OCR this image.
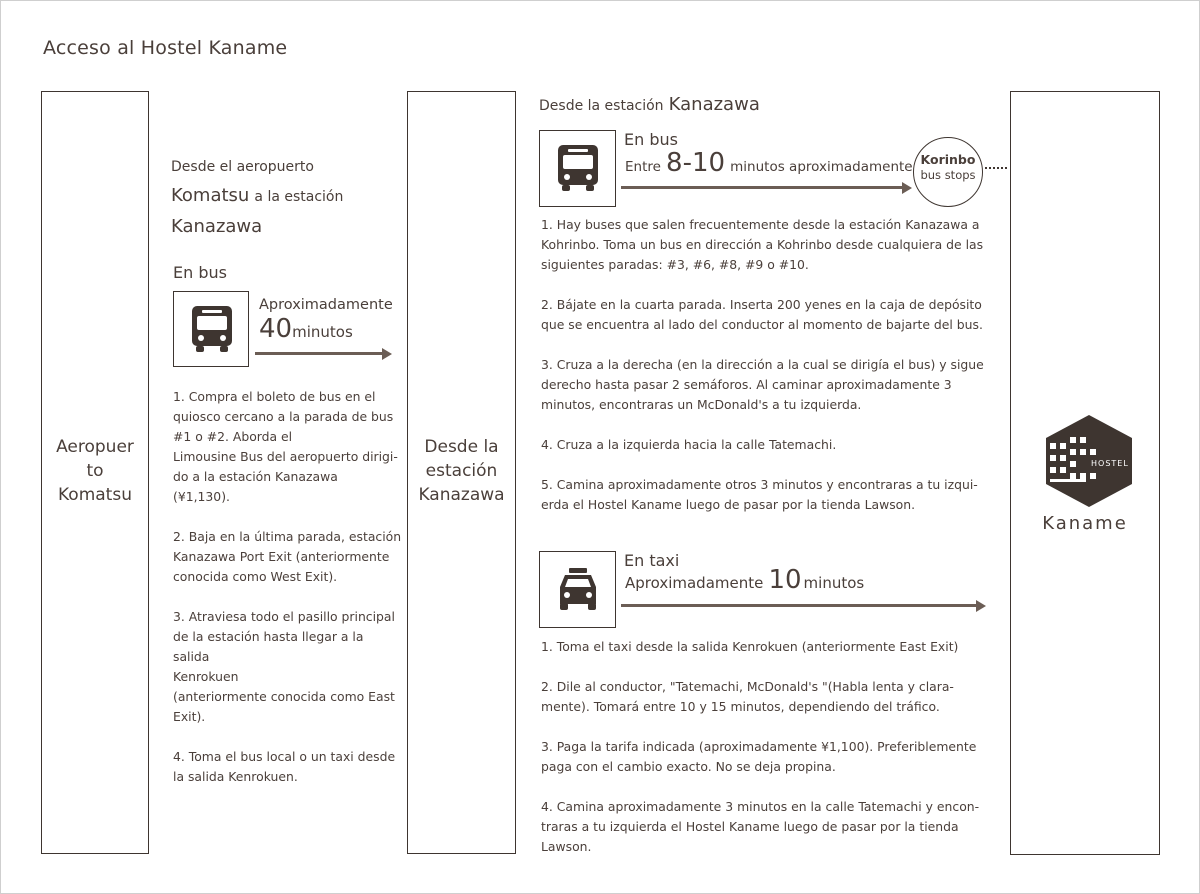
Acceso al Hostel Kaname
Aeropuer
to
Komatsu
Desde el aeropuerto
Komatsu a la estación
Kanazawa
En bus
Aproximadamente
40minutos

1. Compra el boleto de bus en el
quiosco cercano a la parada de bus
#1 o #2. Aborda el
Limousine Bus del aeropuerto dirigi-
do a la estación Kanazawa
(¥1,130).

2. Baja en la última parada, estación
Kanazawa Port Exit (anteriormente
conocida como West Exit).

3. Atraviesa todo el pasillo principal
de la estación hasta llegar a la salida
Kenrokuen
(anteriormente conocida como East
Exit).

4. Toma el bus local o un taxi desde
la salida Kenrokuen.

Desde la
estación
Kanazawa
Desde la estación Kanazawa
En bus
Entre 8-10 minutos aproximadamente Korinbo
bus stops

1. Hay buses que salen frecuentemente desde la estación Kanazawa a
Kohrinbo. Toma un bus en dirección a Kohrinbo desde cualquiera de las
siguientes paradas: #3, #6, #8, #9 o #10.

2. Bájate en la cuarta parada. Inserta 200 yenes en la caja de depósito
que se encuentra al lado del conductor al momento de bajarte del bus.

3. Cruza a la derecha (en la dirección a la cual se dirigía el bus) y sigue
derecho hasta pasar 2 semáforos. Al caminar aproximadamente 3
minutos, encontraras un McDonald's a tu izquierda.

4. Cruza a la izquierda hacia la calle Tatemachi.

5. Camina aproximadamente otros 3 minutos y encontraras a tu izqui-
erda el Hostel Kaname luego de pasar por la tienda Lawson.

En taxi
Aproximadamente 10 minutos

1. Toma el taxi desde la salida Kenrokuen (anteriormente East Exit)

2. Dile al conductor, "Tatemachi, McDonald's "(Habla lenta y clara-
mente). Tomará entre 10 y 15 minutos, dependiendo del tráfico.

3. Paga la tarifa indicada (aproximadamente ¥1,100). Preferiblemente
paga con el cambio exacto. No se deja propina.

4. Camina aproximadamente 3 minutos en la calle Tatemachi y encon-
traras a tu izquierda el Hostel Kaname luego de pasar por la tienda
Lawson.

HOSTEL
Kaname
